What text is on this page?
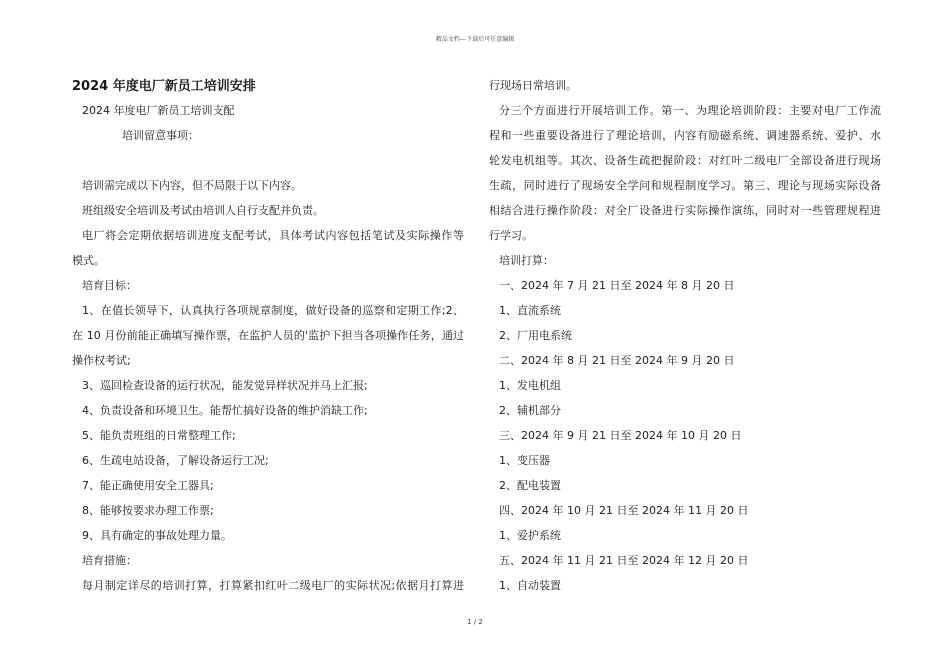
精品文档---下载后可任意编辑
2024 年度电厂新员工培训安排
2024 年度电厂新员工培训支配
培训留意事项：
培训需完成以下内容，但不局限于以下内容。
班组级安全培训及考试由培训人自行支配并负责。
电厂将会定期依据培训进度支配考试，具体考试内容包括笔试及实际操作等
模式。
培育目标：
1、在值长领导下，认真执行各项规章制度，做好设备的巡察和定期工作;2、
在 10 月份前能正确填写操作票，在监护人员的'监护下担当各项操作任务，通过
操作权考试;
3、巡回检查设备的运行状况，能发觉异样状况并马上汇报;
4、负责设备和环境卫生。能帮忙搞好设备的维护消缺工作;
5、能负责班组的日常整理工作;
6、生疏电站设备，了解设备运行工况;
7、能正确使用安全工器具;
8、能够按要求办理工作票;
9、具有确定的事故处理力量。
培育措施：
每月制定详尽的培训打算，打算紧扣红叶二级电厂的实际状况;依据月打算进
行现场日常培训。
分三个方面进行开展培训工作。第一、为理论培训阶段：主要对电厂工作流
程和一些重要设备进行了理论培训，内容有励磁系统、调速器系统、爱护、水
轮发电机组等。其次、设备生疏把握阶段：对红叶二级电厂全部设备进行现场
生疏，同时进行了现场安全学问和规程制度学习。第三、理论与现场实际设备
相结合进行操作阶段：对全厂设备进行实际操作演练，同时对一些管理规程进
行学习。
培训打算：
一、2024 年 7 月 21 日至 2024 年 8 月 20 日
1、直流系统
2、厂用电系统
二、2024 年 8 月 21 日至 2024 年 9 月 20 日
1、发电机组
2、辅机部分
三、2024 年 9 月 21 日至 2024 年 10 月 20 日
1、变压器
2、配电装置
四、2024 年 10 月 21 日至 2024 年 11 月 20 日
1、爱护系统
五、2024 年 11 月 21 日至 2024 年 12 月 20 日
1、自动装置
1 / 2
